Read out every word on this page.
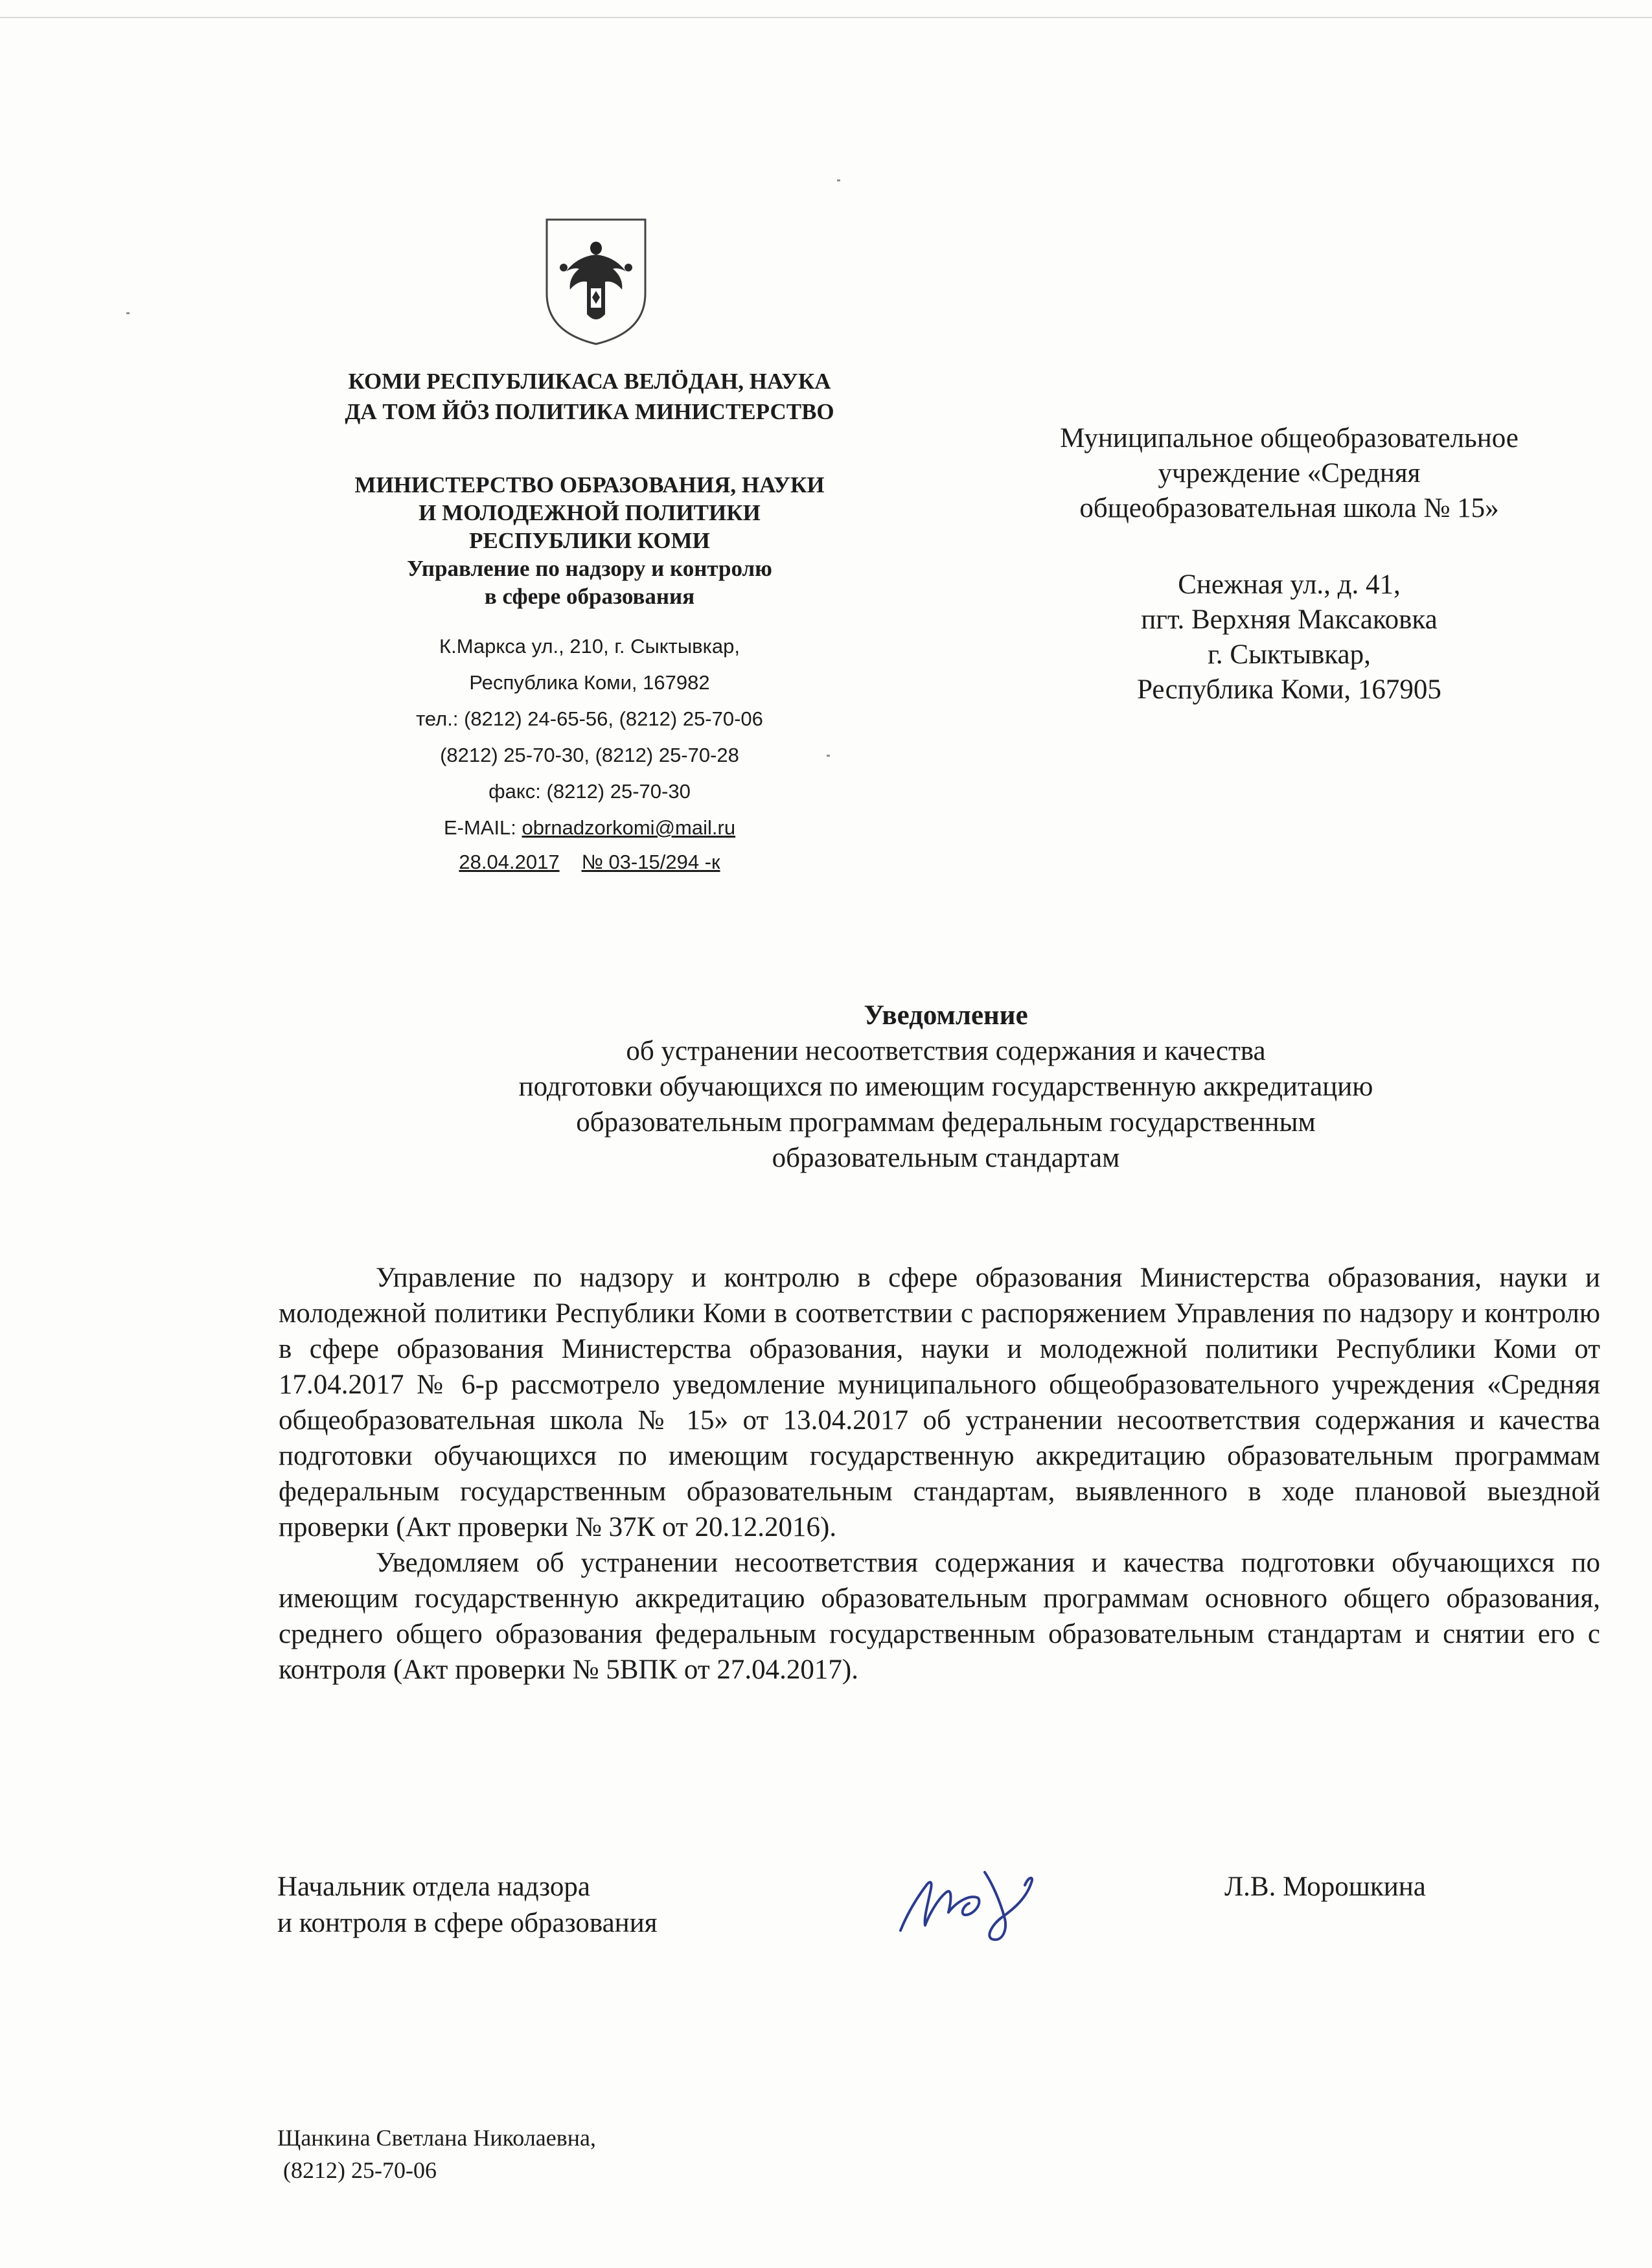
КОМИ РЕСПУБЛИКАСА ВЕЛӦДАН, НАУКА
ДА ТОМ ЙӦЗ ПОЛИТИКА МИНИСТЕРСТВО
МИНИСТЕРСТВО ОБРАЗОВАНИЯ, НАУКИ
И МОЛОДЕЖНОЙ ПОЛИТИКИ
РЕСПУБЛИКИ КОМИ
Управление по надзору и контролю
в сфере образования
К.Маркса ул., 210, г. Сыктывкар,
Республика Коми, 167982
тел.: (8212) 24-65-56, (8212) 25-70-06
(8212) 25-70-30, (8212) 25-70-28
факс: (8212) 25-70-30
E-MAIL: obrnadzorkomi@mail.ru
28.04.2017 № 03-15/294 -к
Муниципальное общеобразовательное
учреждение «Средняя
общеобразовательная школа № 15»
Снежная ул., д. 41,
пгт. Верхняя Максаковка
г. Сыктывкар,
Республика Коми, 167905
Уведомление
об устранении несоответствия содержания и качества
подготовки обучающихся по имеющим государственную аккредитацию
образовательным программам федеральным государственным
образовательным стандартам

Управление по надзору и контролю в сфере образования Министерства образования, науки и молодежной политики Республики Коми в соответствии с распоряжением Управления по надзору и контролю в сфере образования Министерства образования, науки и молодежной политики Республики Коми от 17.04.2017 № 6-р рассмотрело уведомление муниципального общеобразовательного учреждения «Средняя общеобразовательная школа № 15» от 13.04.2017 об устранении несоответствия содержания и качества подготовки обучающихся по имеющим государственную аккредитацию образовательным программам федеральным государственным образовательным стандартам, выявленного в ходе плановой выездной проверки (Акт проверки № 37К от 20.12.2016).

Уведомляем об устранении несоответствия содержания и качества подготовки обучающихся по имеющим государственную аккредитацию образовательным программам основного общего образования, среднего общего образования федеральным государственным образовательным стандартам и снятии его с контроля (Акт проверки № 5ВПК от 27.04.2017).

Начальник отдела надзора
и контроля в сфере образования
Л.В. Морошкина
Щанкина Светлана Николаевна,
(8212) 25-70-06
